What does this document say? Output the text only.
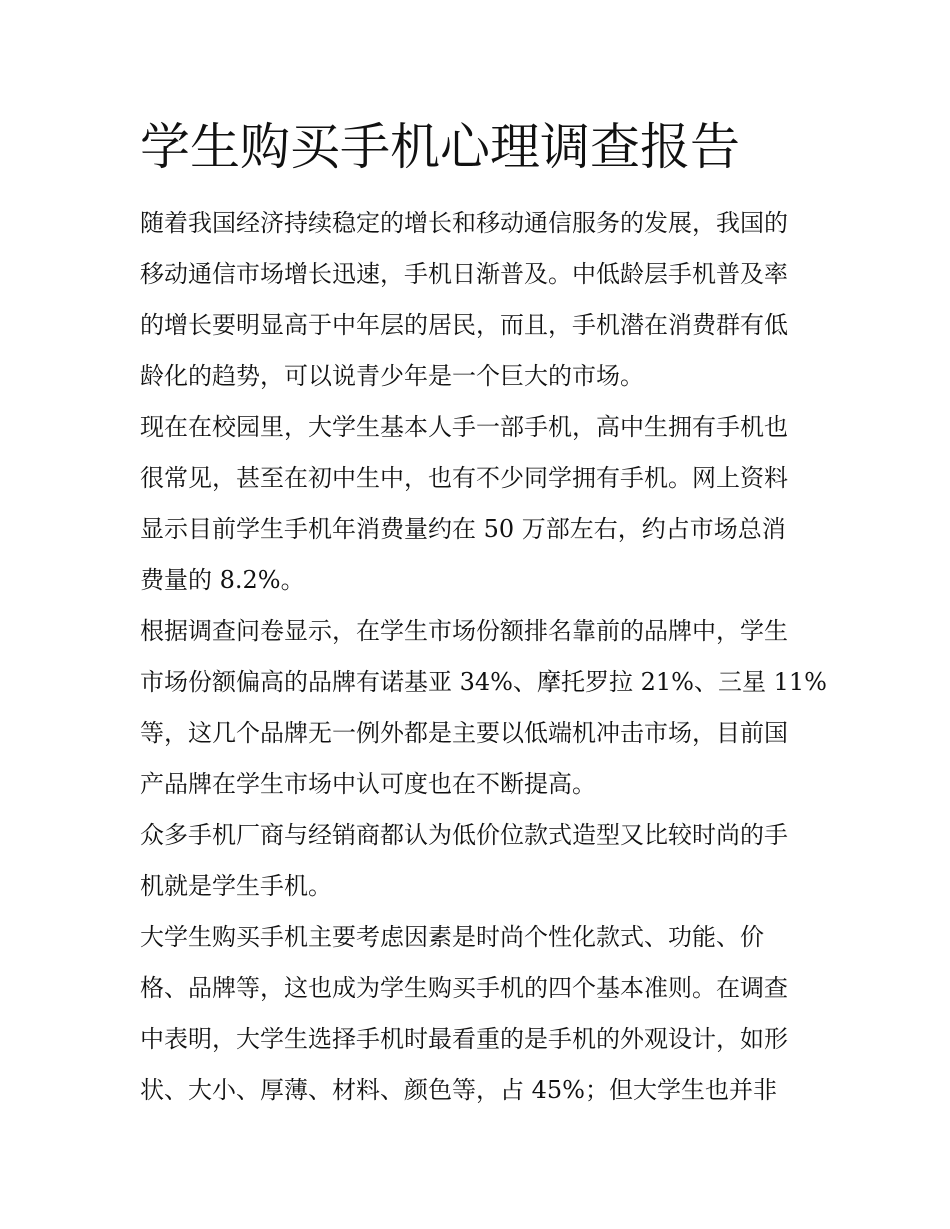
学生购买手机心理调查报告
随着我国经济持续稳定的增长和移动通信服务的发展，我国的
移动通信市场增长迅速，手机日渐普及。中低龄层手机普及率
的增长要明显高于中年层的居民，而且，手机潜在消费群有低
龄化的趋势，可以说青少年是一个巨大的市场。
现在在校园里，大学生基本人手一部手机，高中生拥有手机也
很常见，甚至在初中生中，也有不少同学拥有手机。网上资料
显示目前学生手机年消费量约在 50 万部左右，约占市场总消
费量的 8.2%。
根据调查问卷显示，在学生市场份额排名靠前的品牌中，学生
市场份额偏高的品牌有诺基亚 34%、摩托罗拉 21%、三星 11%
等，这几个品牌无一例外都是主要以低端机冲击市场，目前国
产品牌在学生市场中认可度也在不断提高。
众多手机厂商与经销商都认为低价位款式造型又比较时尚的手
机就是学生手机。
大学生购买手机主要考虑因素是时尚个性化款式、功能、价
格、品牌等，这也成为学生购买手机的四个基本准则。在调查
中表明，大学生选择手机时最看重的是手机的外观设计，如形
状、大小、厚薄、材料、颜色等，占 45%；但大学生也并非
